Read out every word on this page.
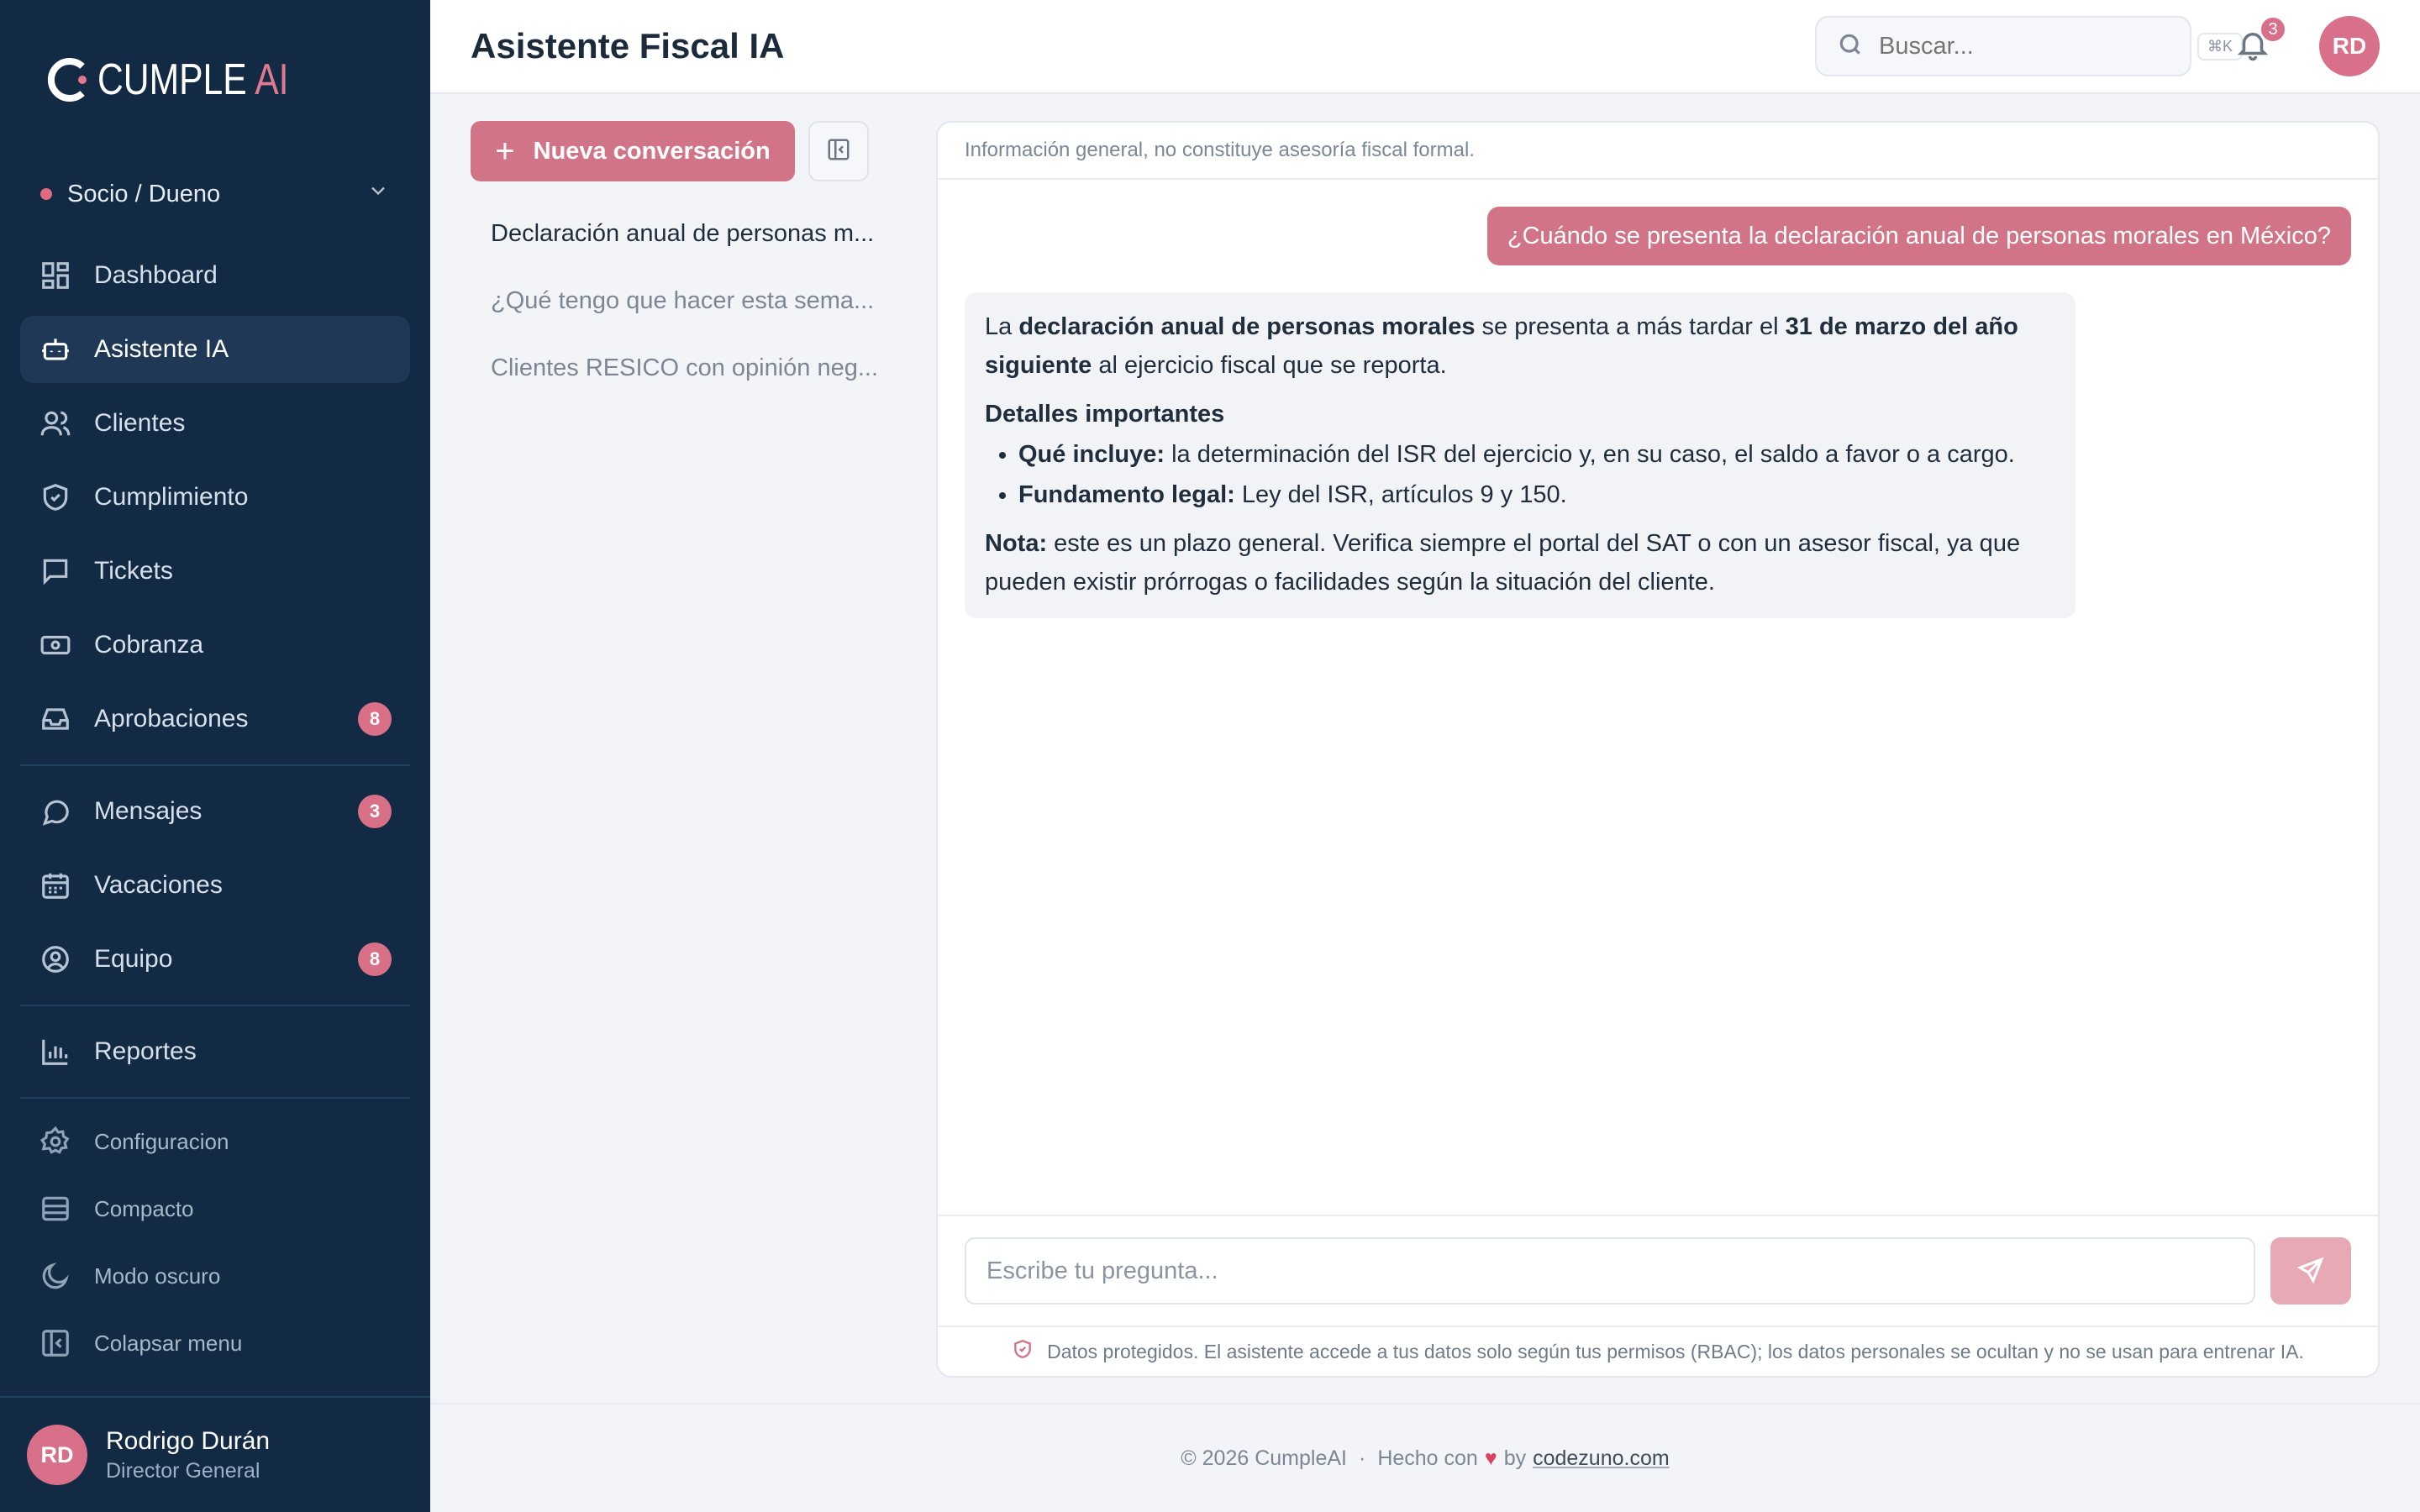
CUMPLE AI
Socio / Dueno
Dashboard
Asistente IA
Clientes
Cumplimiento
Tickets
Cobranza
Aprobaciones	8
Mensajes	3
Vacaciones
Equipo	8
Reportes
Configuracion
Compacto
Modo oscuro
Colapsar menu
RD	Rodrigo Durán
Director General
Asistente Fiscal IA
Buscar...	⌘K
3
RD
+ Nueva conversación
Declaración anual de personas m...
¿Qué tengo que hacer esta sema...
Clientes RESICO con opinión neg...
Información general, no constituye asesoría fiscal formal.
¿Cuándo se presenta la declaración anual de personas morales en México?

La declaración anual de personas morales se presenta a más tardar el 31 de marzo del año siguiente al ejercicio fiscal que se reporta.

Detalles importantes

• Qué incluye: la determinación del ISR del ejercicio y, en su caso, el saldo a favor o a cargo.
• Fundamento legal: Ley del ISR, artículos 9 y 150.

Nota: este es un plazo general. Verifica siempre el portal del SAT o con un asesor fiscal, ya que pueden existir prórrogas o facilidades según la situación del cliente.

Escribe tu pregunta...
Datos protegidos. El asistente accede a tus datos solo según tus permisos (RBAC); los datos personales se ocultan y no se usan para entrenar IA.
© 2026 CumpleAI · Hecho con ♥ by codezuno.com
